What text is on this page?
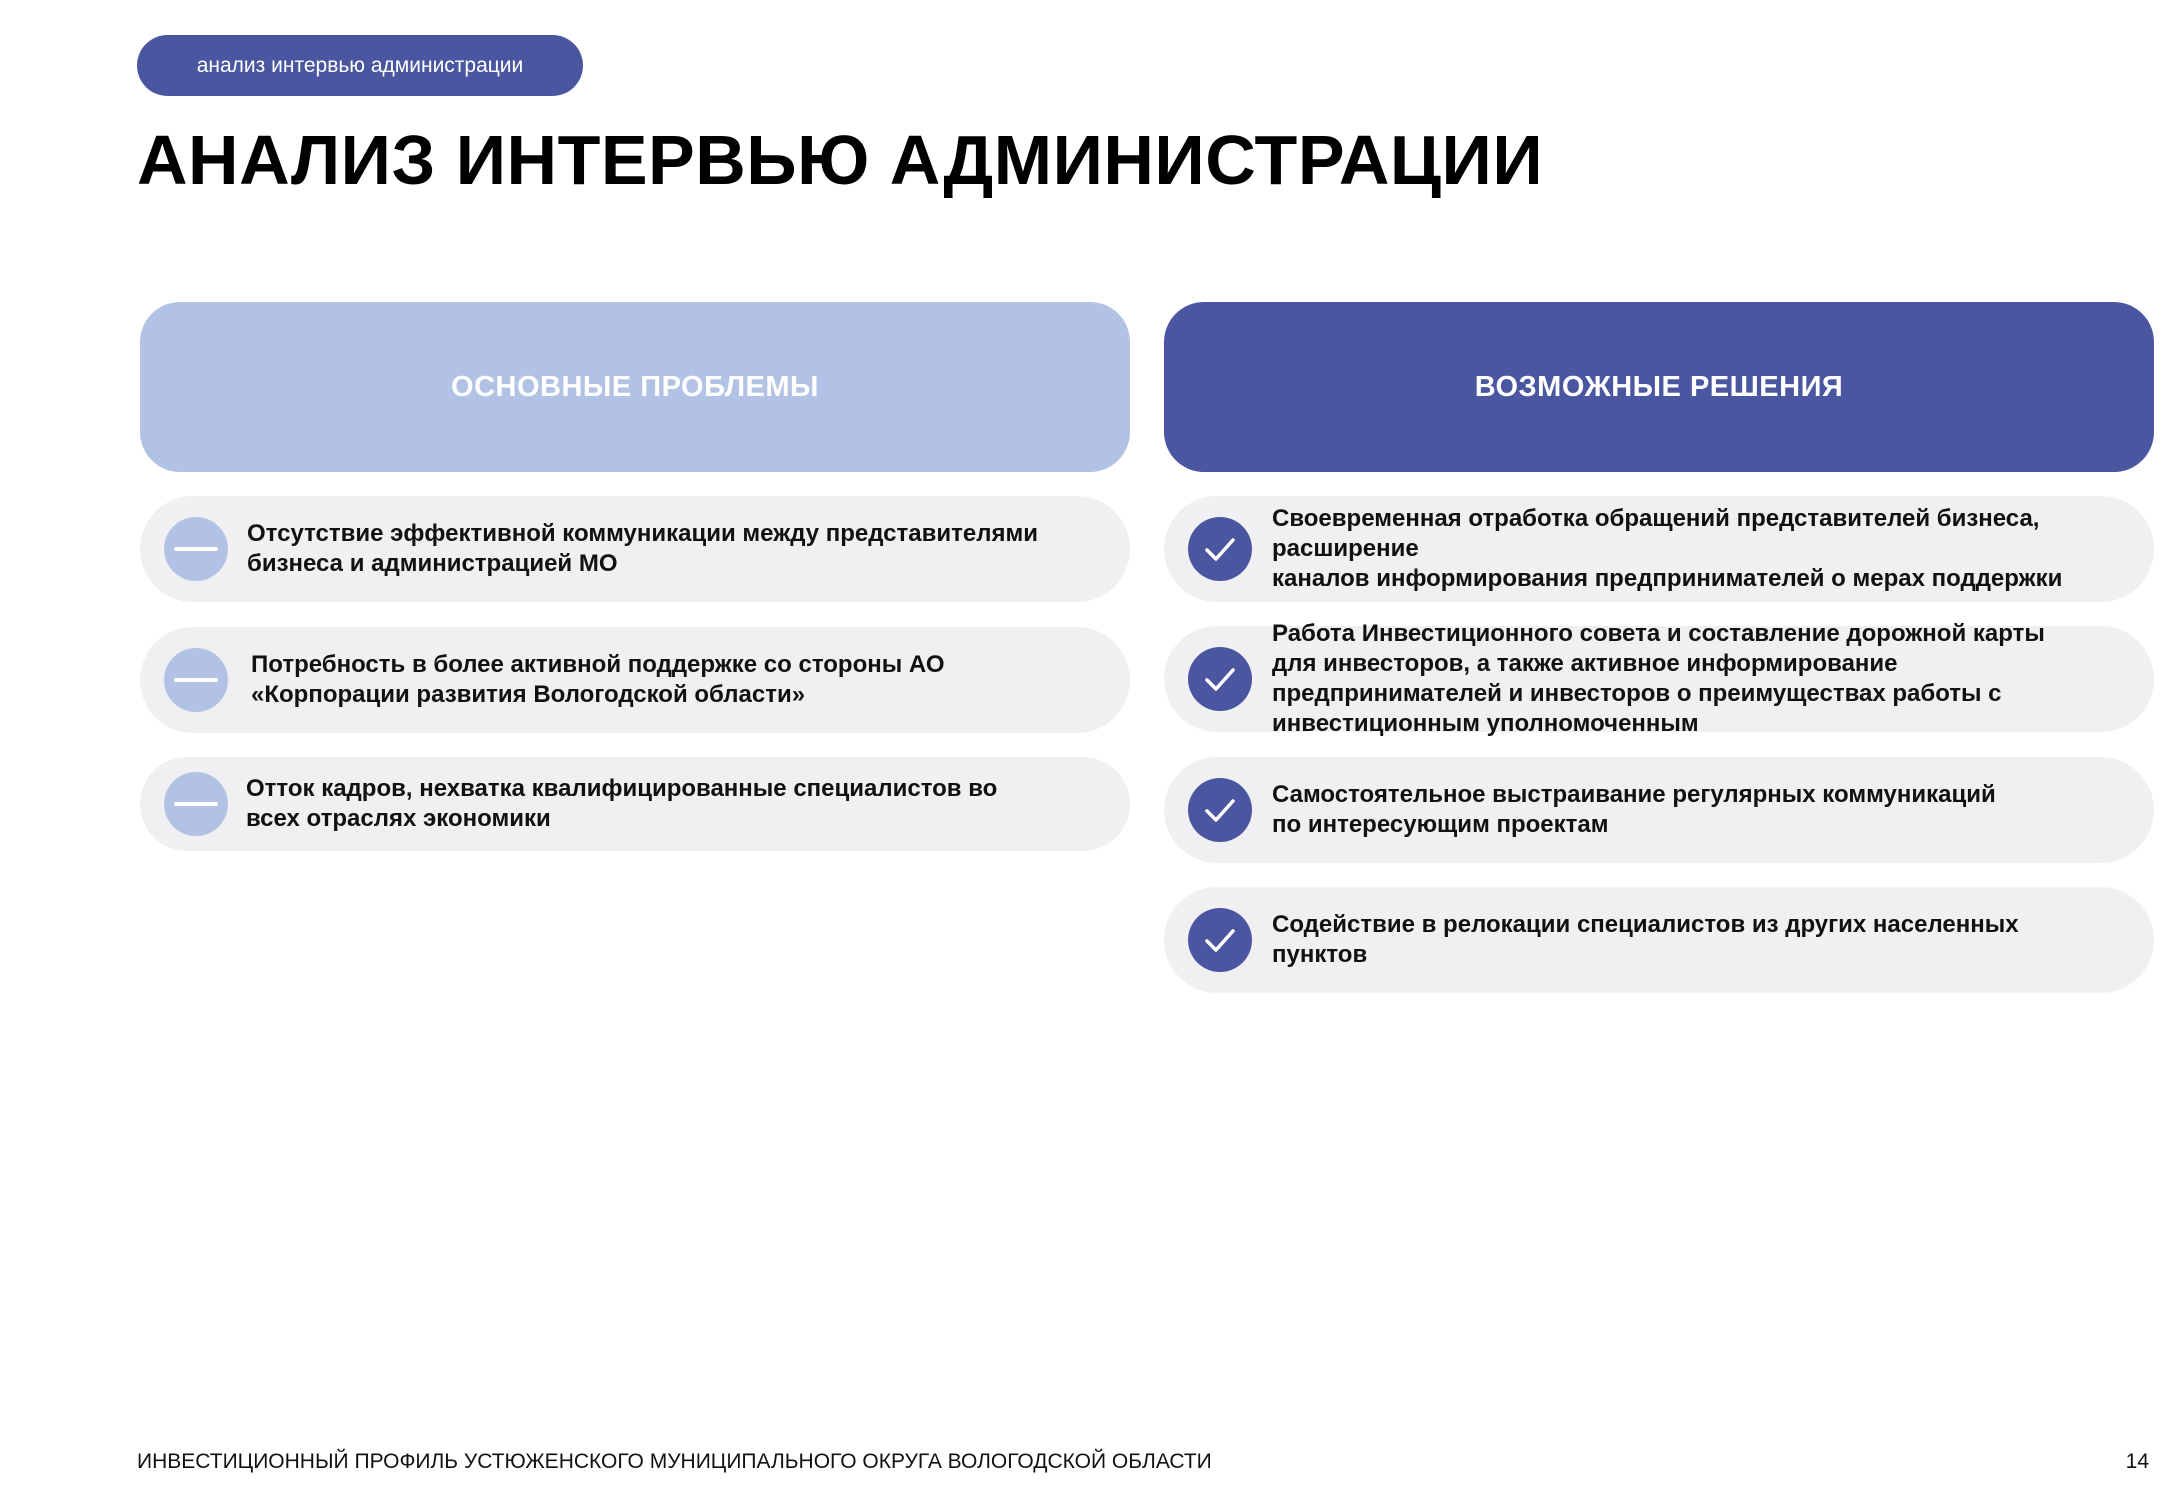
анализ интервью администрации
АНАЛИЗ ИНТЕРВЬЮ АДМИНИСТРАЦИИ
ОСНОВНЫЕ ПРОБЛЕМЫ	ВОЗМОЖНЫЕ РЕШЕНИЯ
Отсутствие эффективной коммуникации между представителями
бизнеса и администрацией МО
Потребность в более активной поддержке со стороны АО
«Корпорации развития Вологодской области»
Отток кадров, нехватка квалифицированные специалистов во
всех отраслях экономики
Своевременная отработка обращений представителей бизнеса,
расширение
каналов информирования предпринимателей о мерах поддержки
Работа Инвестиционного совета и составление дорожной карты
для инвесторов, а также активное информирование
предпринимателей и инвесторов о преимуществах работы с
инвестиционным уполномоченным
Самостоятельное выстраивание регулярных коммуникаций
по интересующим проектам
Содействие в релокации специалистов из других населенных
пунктов
ИНВЕСТИЦИОННЫЙ ПРОФИЛЬ УСТЮЖЕНСКОГО МУНИЦИПАЛЬНОГО ОКРУГА ВОЛОГОДСКОЙ ОБЛАСТИ	14
